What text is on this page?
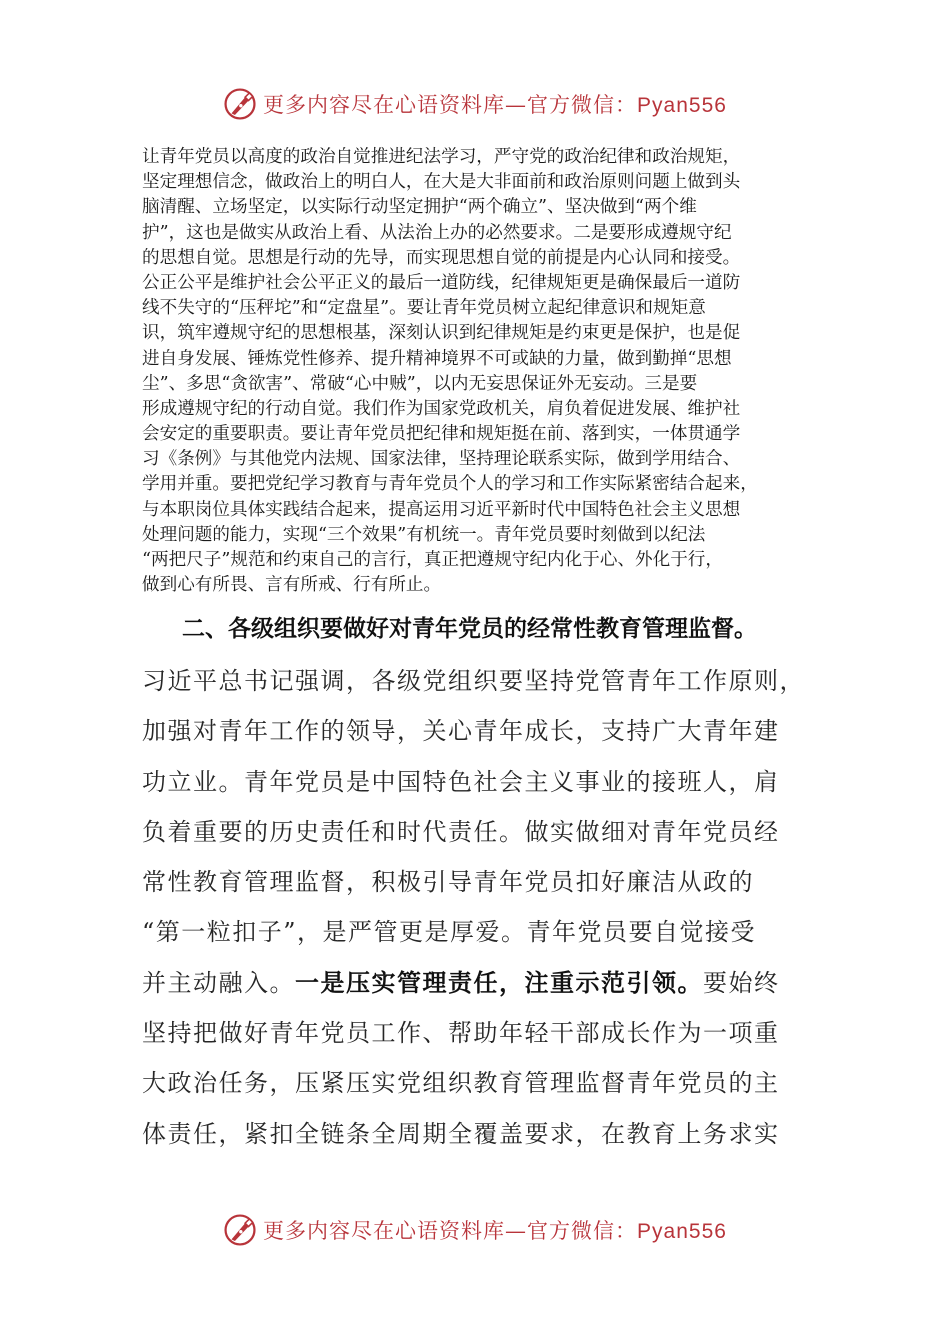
更多内容尽在心语资料库—官方微信：Pyan556
让青年党员以高度的政治自觉推进纪法学习，严守党的政治纪律和政治规矩，
坚定理想信念，做政治上的明白人，在大是大非面前和政治原则问题上做到头
脑清醒、立场坚定，以实际行动坚定拥护“两个确立”、坚决做到“两个维
护”，这也是做实从政治上看、从法治上办的必然要求。二是要形成遵规守纪
的思想自觉。思想是行动的先导，而实现思想自觉的前提是内心认同和接受。
公正公平是维护社会公平正义的最后一道防线，纪律规矩更是确保最后一道防
线不失守的“压秤坨”和“定盘星”。要让青年党员树立起纪律意识和规矩意
识，筑牢遵规守纪的思想根基，深刻认识到纪律规矩是约束更是保护，也是促
进自身发展、锤炼党性修养、提升精神境界不可或缺的力量，做到勤掸“思想
尘”、多思“贪欲害”、常破“心中贼”，以内无妄思保证外无妄动。三是要
形成遵规守纪的行动自觉。我们作为国家党政机关，肩负着促进发展、维护社
会安定的重要职责。要让青年党员把纪律和规矩挺在前、落到实，一体贯通学
习《条例》与其他党内法规、国家法律，坚持理论联系实际，做到学用结合、
学用并重。要把党纪学习教育与青年党员个人的学习和工作实际紧密结合起来，
与本职岗位具体实践结合起来，提高运用习近平新时代中国特色社会主义思想
处理问题的能力，实现“三个效果”有机统一。青年党员要时刻做到以纪法
“两把尺子”规范和约束自己的言行，真正把遵规守纪内化于心、外化于行，
做到心有所畏、言有所戒、行有所止。
二、各级组织要做好对青年党员的经常性教育管理监督。
习近平总书记强调，各级党组织要坚持党管青年工作原则，
加强对青年工作的领导，关心青年成长，支持广大青年建
功立业。青年党员是中国特色社会主义事业的接班人，肩
负着重要的历史责任和时代责任。做实做细对青年党员经
常性教育管理监督，积极引导青年党员扣好廉洁从政的
“第一粒扣子”，是严管更是厚爱。青年党员要自觉接受
并主动融入。一是压实管理责任，注重示范引领。要始终
坚持把做好青年党员工作、帮助年轻干部成长作为一项重
大政治任务，压紧压实党组织教育管理监督青年党员的主
体责任，紧扣全链条全周期全覆盖要求，在教育上务求实
更多内容尽在心语资料库—官方微信：Pyan556
